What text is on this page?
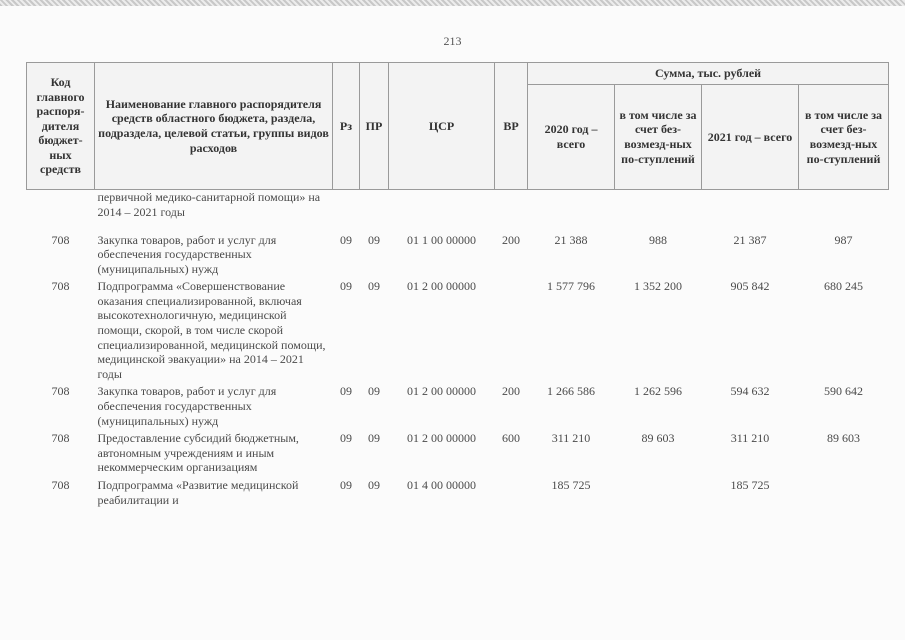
213
Код главного распоря-дителя бюджет-ных средств	Наименование главного распорядителя средств областного бюджета, раздела, подраздела, целевой статьи, группы видов расходов	Рз	ПР	ЦСР	ВР	Сумма, тыс. рублей			
						2020 год – всего	в том числе за счет без-возмезд-ных по-ступлений	2021 год – всего	в том числе за счет без-возмезд-ных по-ступлений
	первичной медико-санитарной помощи» на 2014 – 2021 годы								
708	Закупка товаров, работ и услуг для обеспечения государственных (муниципальных) нужд	09	09	01 1 00 00000	200	21 388	988	21 387	987
708	Подпрограмма «Совершенствование оказания специализированной, включая высокотехнологичную, медицинской помощи, скорой, в том числе скорой специализированной, медицинской помощи, медицинской эвакуации» на 2014 – 2021 годы	09	09	01 2 00 00000		1 577 796	1 352 200	905 842	680 245
708	Закупка товаров, работ и услуг для обеспечения государственных (муниципальных) нужд	09	09	01 2 00 00000	200	1 266 586	1 262 596	594 632	590 642
708	Предоставление субсидий бюджетным, автономным учреждениям и иным некоммерческим организациям	09	09	01 2 00 00000	600	311 210	89 603	311 210	89 603
708	Подпрограмма «Развитие медицинской реабилитации и	09	09	01 4 00 00000		185 725		185 725	
